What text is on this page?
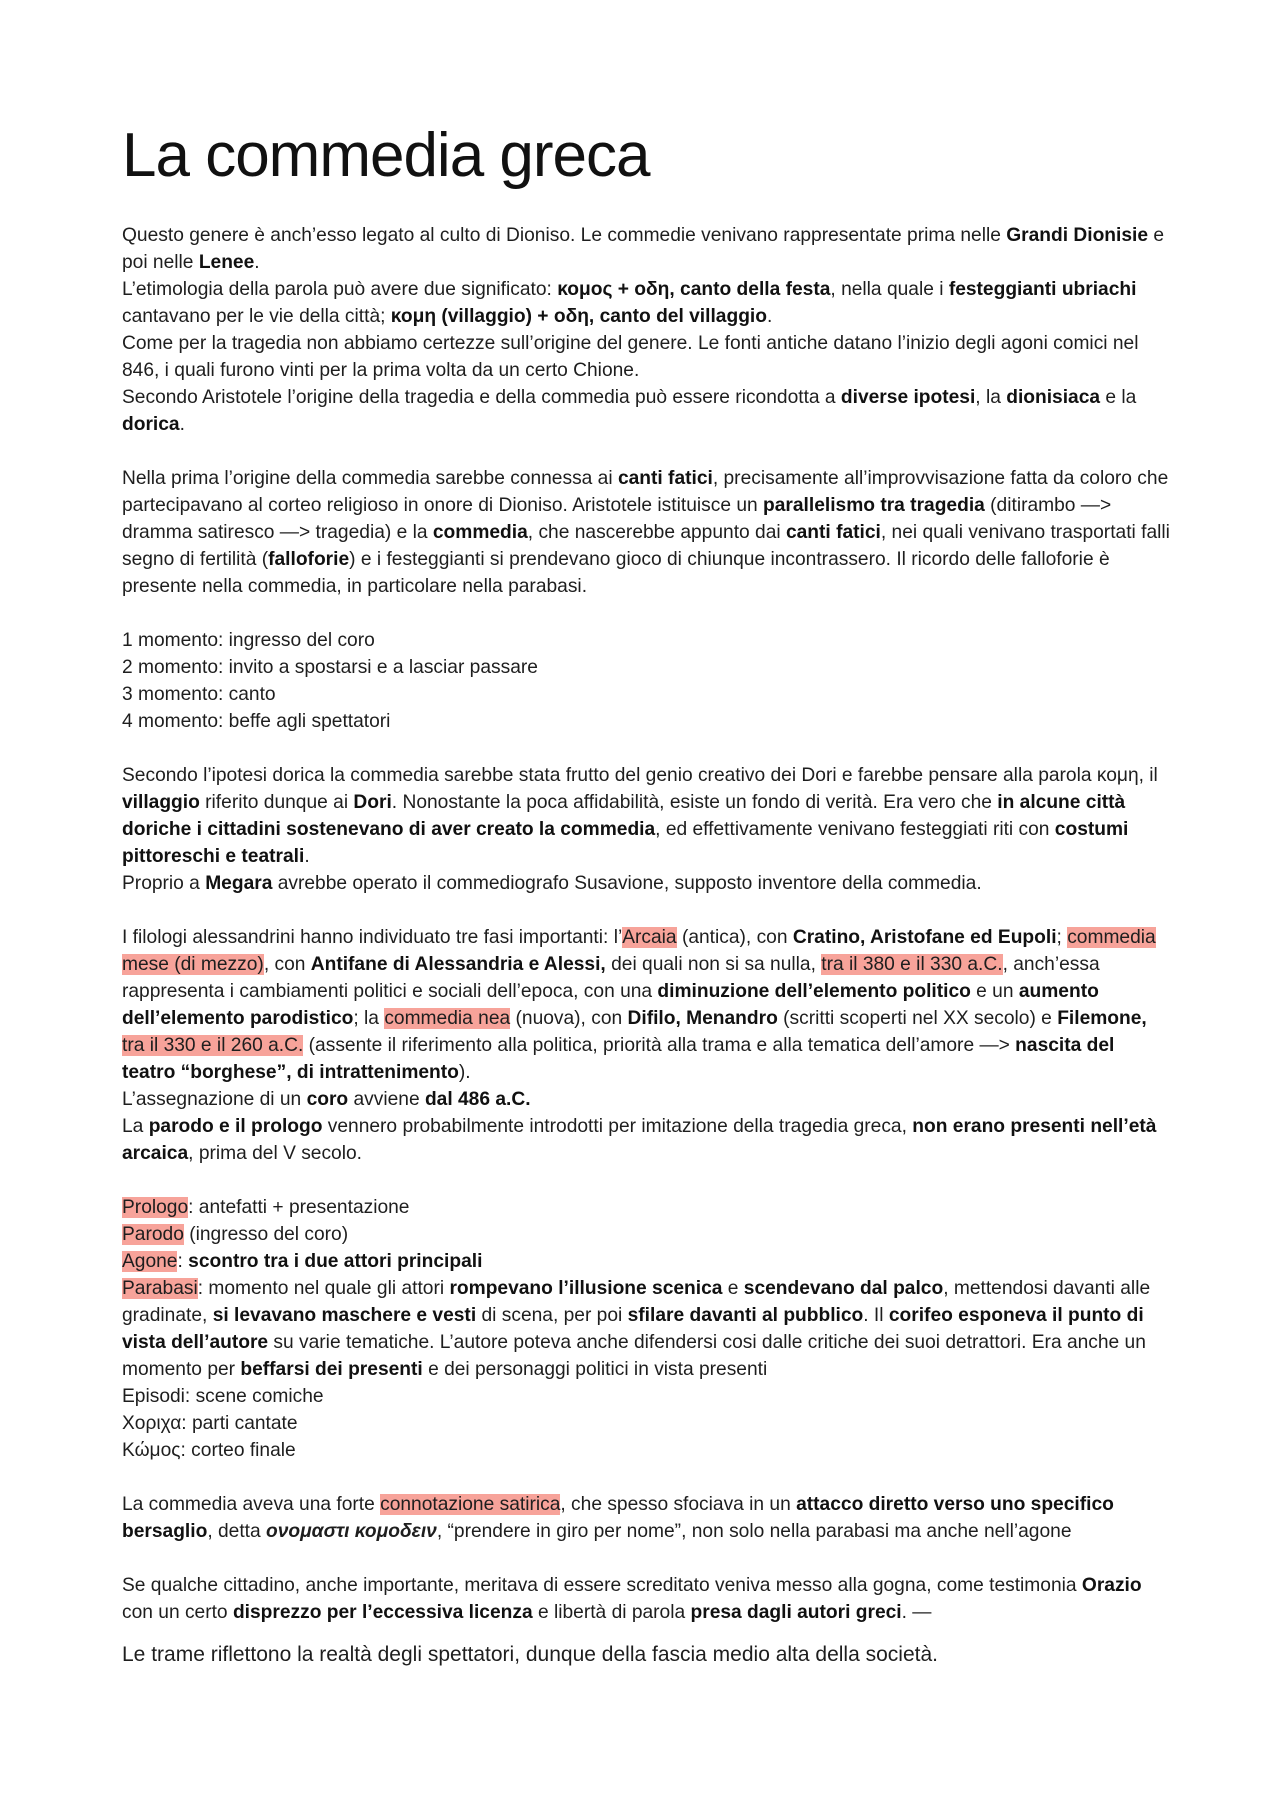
La commedia greca

Questo genere è anch’esso legato al culto di Dioniso. Le commedie venivano rappresentate prima nelle Grandi Dionisie e poi nelle Lenee.
L’etimologia della parola può avere due significato: κομος + οδη, canto della festa, nella quale i festeggianti ubriachi cantavano per le vie della città; κομη (villaggio) + οδη, canto del villaggio.
Come per la tragedia non abbiamo certezze sull’origine del genere. Le fonti antiche datano l’inizio degli agoni comici nel 846, i quali furono vinti per la prima volta da un certo Chione.
Secondo Aristotele l’origine della tragedia e della commedia può essere ricondotta a diverse ipotesi, la dionisiaca e la dorica.

Nella prima l’origine della commedia sarebbe connessa ai canti fatici, precisamente all’improvvisazione fatta da coloro che partecipavano al corteo religioso in onore di Dioniso. Aristotele istituisce un parallelismo tra tragedia (ditirambo —> dramma satiresco —> tragedia) e la commedia, che nascerebbe appunto dai canti fatici, nei quali venivano trasportati falli segno di fertilità (falloforie) e i festeggianti si prendevano gioco di chiunque incontrassero. Il ricordo delle falloforie è presente nella commedia, in particolare nella parabasi.

1 momento: ingresso del coro
2 momento: invito a spostarsi e a lasciar passare
3 momento: canto
4 momento: beffe agli spettatori

Secondo l’ipotesi dorica la commedia sarebbe stata frutto del genio creativo dei Dori e farebbe pensare alla parola κομη, il villaggio riferito dunque ai Dori. Nonostante la poca affidabilità, esiste un fondo di verità. Era vero che in alcune città doriche i cittadini sostenevano di aver creato la commedia, ed effettivamente venivano festeggiati riti con costumi pittoreschi e teatrali.
Proprio a Megara avrebbe operato il commediografo Susavione, supposto inventore della commedia.

I filologi alessandrini hanno individuato tre fasi importanti: l’Arcaia (antica), con Cratino, Aristofane ed Eupoli; commedia mese (di mezzo), con Antifane di Alessandria e Alessi, dei quali non si sa nulla, tra il 380 e il 330 a.C., anch’essa rappresenta i cambiamenti politici e sociali dell’epoca, con una diminuzione dell’elemento politico e un aumento dell’elemento parodistico; la commedia nea (nuova), con Difilo, Menandro (scritti scoperti nel XX secolo) e Filemone, tra il 330 e il 260 a.C. (assente il riferimento alla politica, priorità alla trama e alla tematica dell’amore —> nascita del teatro “borghese”, di intrattenimento).
L’assegnazione di un coro avviene dal 486 a.C.
La parodo e il prologo vennero probabilmente introdotti per imitazione della tragedia greca, non erano presenti nell’età arcaica, prima del V secolo.

Prologo: antefatti + presentazione
Parodo (ingresso del coro)
Agone: scontro tra i due attori principali
Parabasi: momento nel quale gli attori rompevano l’illusione scenica e scendevano dal palco, mettendosi davanti alle gradinate, si levavano maschere e vesti di scena, per poi sfilare davanti al pubblico. Il corifeo esponeva il punto di vista dell’autore su varie tematiche. L’autore poteva anche difendersi cosi dalle critiche dei suoi detrattori. Era anche un momento per beffarsi dei presenti e dei personaggi politici in vista presenti
Episodi: scene comiche
Χοριχα: parti cantate
Κώμος: corteo finale

La commedia aveva una forte connotazione satirica, che spesso sfociava in un attacco diretto verso uno specifico bersaglio, detta ονομαστι κομοδειν, “prendere in giro per nome”, non solo nella parabasi ma anche nell’agone

Se qualche cittadino, anche importante, meritava di essere screditato veniva messo alla gogna, come testimonia Orazio con un certo disprezzo per l’eccessiva licenza e libertà di parola presa dagli autori greci. —

Le trame riflettono la realtà degli spettatori, dunque della fascia medio alta della società.
